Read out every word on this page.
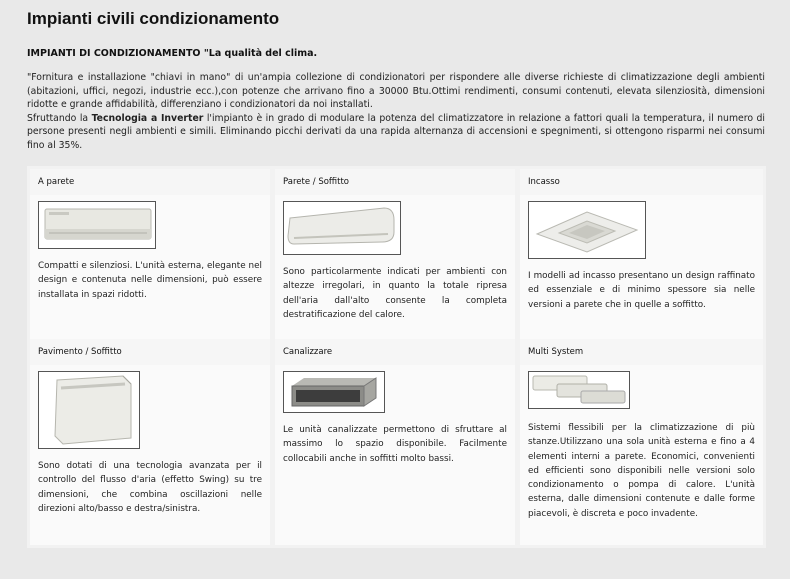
Impianti civili condizionamento
IMPIANTI DI CONDIZIONAMENTO "La qualità del clima.

"Fornitura e installazione "chiavi in mano" di un'ampia collezione di condizionatori per rispondere alle diverse richieste di climatizzazione degli ambienti (abitazioni, uffici, negozi, industrie ecc.),con potenze che arrivano fino a 30000 Btu.Ottimi rendimenti, consumi contenuti, elevata silenziosità, dimensioni ridotte e grande affidabilità, differenziano i condizionatori da noi installati.

Sfruttando la Tecnologia a Inverter l'impianto è in grado di modulare la potenza del climatizzatore in relazione a fattori quali la temperatura, il numero di persone presenti negli ambienti e simili. Eliminando picchi derivati da una rapida alternanza di accensioni e spegnimenti, si ottengono risparmi nei consumi fino al 35%.

A parete

Compatti e silenziosi. L'unità esterna, elegante nel design e contenuta nelle dimensioni, può essere installata in spazi ridotti.

Parete / Soffitto

Sono particolarmente indicati per ambienti con altezze irregolari, in quanto la totale ripresa dell'aria dall'alto consente la completa destratificazione del calore.

Incasso

I modelli ad incasso presentano un design raffinato ed essenziale e di minimo spessore sia nelle versioni a parete che in quelle a soffitto.

Pavimento / Soffitto

Sono dotati di una tecnologia avanzata per il controllo del flusso d'aria (effetto Swing) su tre dimensioni, che combina oscillazioni nelle direzioni alto/basso e destra/sinistra.

Canalizzare

Le unità canalizzate permettono di sfruttare al massimo lo spazio disponibile. Facilmente collocabili anche in soffitti molto bassi.

Multi System

Sistemi flessibili per la climatizzazione di più stanze.Utilizzano una sola unità esterna e fino a 4 elementi interni a parete. Economici, convenienti ed efficienti sono disponibili nelle versioni solo condizionamento o pompa di calore. L'unità esterna, dalle dimensioni contenute e dalle forme piacevoli, è discreta e poco invadente.
